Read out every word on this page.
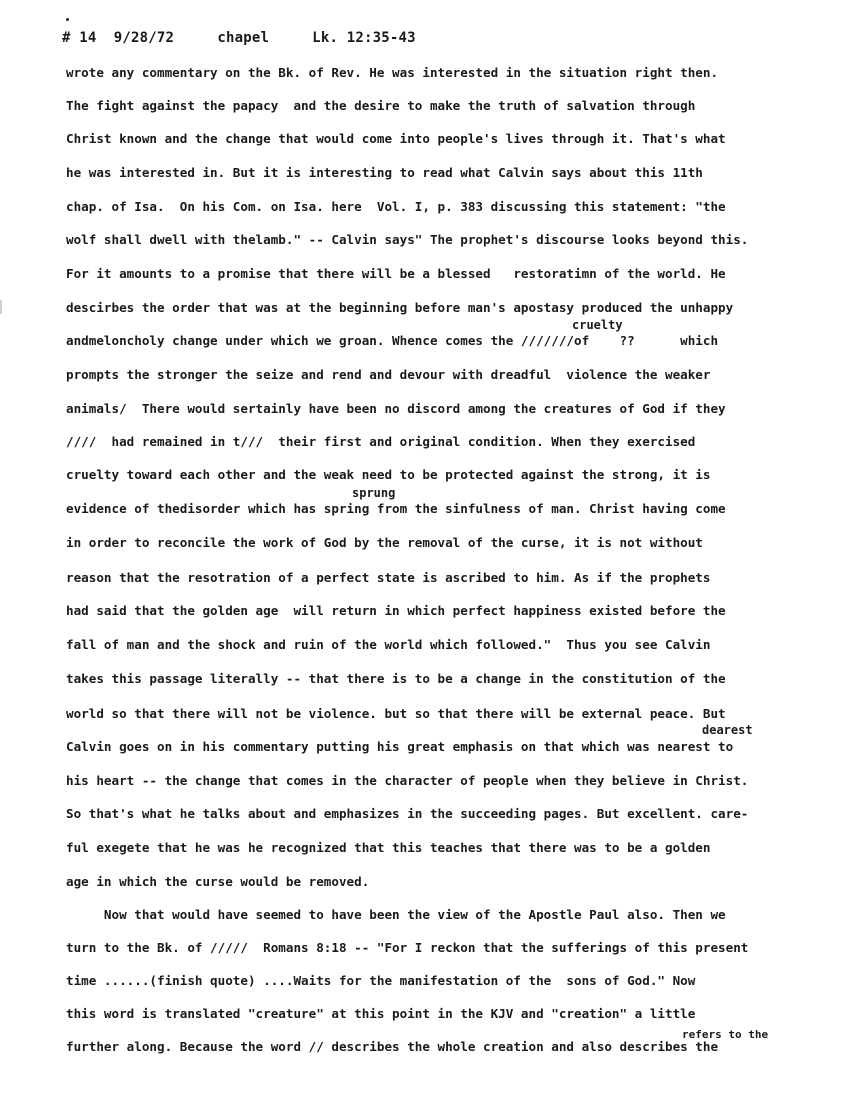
# 14  9/28/72     chapel     Lk. 12:35-43
wrote any commentary on the Bk. of Rev. He was interested in the situation right then.
The fight against the papacy  and the desire to make the truth of salvation through
Christ known and the change that would come into people's lives through it. That's what
he was interested in. But it is interesting to read what Calvin says about this 11th
chap. of Isa.  On his Com. on Isa. here  Vol. I, p. 383 discussing this statement: "the
wolf shall dwell with thelamb." -- Calvin says" The prophet's discourse looks beyond this.
For it amounts to a promise that there will be a blessed   restoratimn of the world. He
descirbes the order that was at the beginning before man's apostasy produced the unhappy
cruelty
andmeloncholy change under which we groan. Whence comes the ///////of    ??      which
prompts the stronger the seize and rend and devour with dreadful  violence the weaker
animals/  There would sertainly have been no discord among the creatures of God if they
////  had remained in t///  their first and original condition. When they exercised
cruelty toward each other and the weak need to be protected against the strong, it is
sprung
evidence of thedisorder which has spring from the sinfulness of man. Christ having come
in order to reconcile the work of God by the removal of the curse, it is not without
reason that the resotration of a perfect state is ascribed to him. As if the prophets
had said that the golden age  will return in which perfect happiness existed before the
fall of man and the shock and ruin of the world which followed."  Thus you see Calvin
takes this passage literally -- that there is to be a change in the constitution of the
world so that there will not be violence. but so that there will be external peace. But
dearest
Calvin goes on in his commentary putting his great emphasis on that which was nearest to
his heart -- the change that comes in the character of people when they believe in Christ.
So that's what he talks about and emphasizes in the succeeding pages. But excellent. care-
ful exegete that he was he recognized that this teaches that there was to be a golden
age in which the curse would be removed.
Now that would have seemed to have been the view of the Apostle Paul also. Then we
turn to the Bk. of /////  Romans 8:18 -- "For I reckon that the sufferings of this present
time ......(finish quote) ....Waits for the manifestation of the  sons of God." Now
this word is translated "creature" at this point in the KJV and "creation" a little
refers to the
further along. Because the word // describes the whole creation and also describes the
